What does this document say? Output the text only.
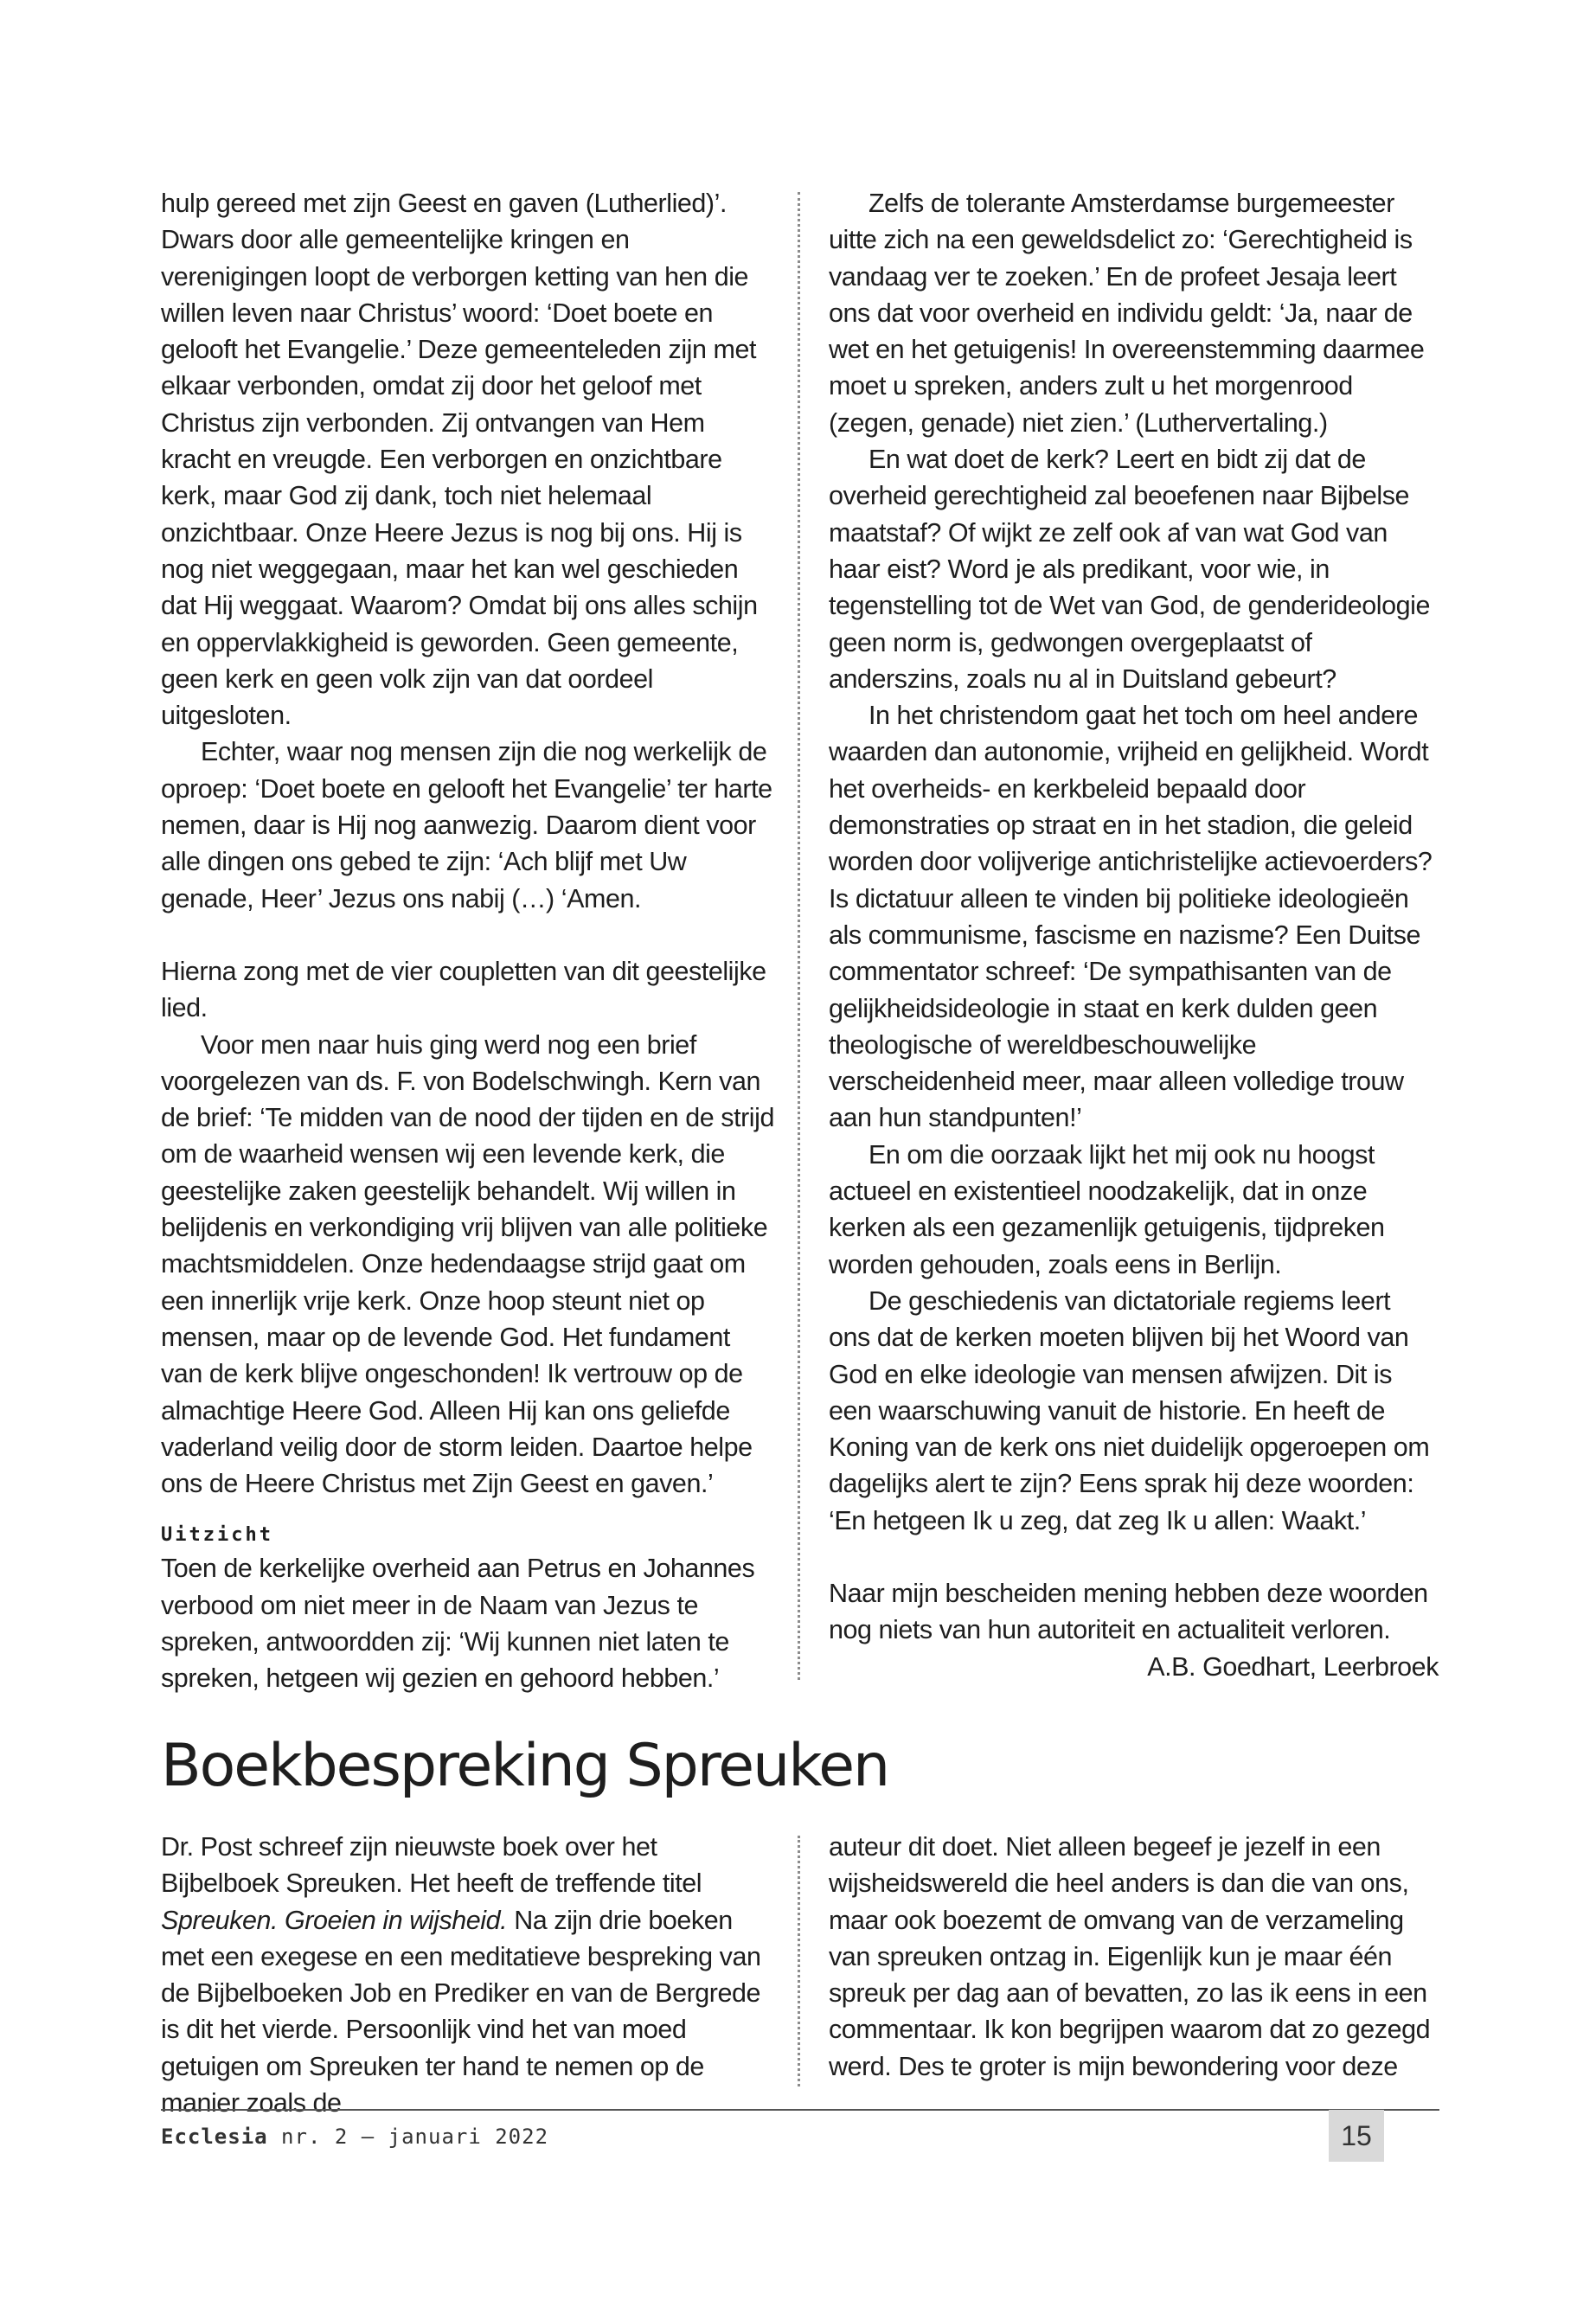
hulp gereed met zijn Geest en gaven (Lutherlied)’. Dwars door alle gemeentelijke kringen en verenigingen loopt de verborgen ketting van hen die willen leven naar Christus’ woord: ‘Doet boete en gelooft het Evangelie.’ Deze gemeenteleden zijn met elkaar verbonden, omdat zij door het geloof met Christus zijn verbonden. Zij ontvangen van Hem kracht en vreugde. Een verborgen en onzichtbare kerk, maar God zij dank, toch niet helemaal onzichtbaar. Onze Heere Jezus is nog bij ons. Hij is nog niet weggegaan, maar het kan wel geschieden dat Hij weggaat. Waarom? Omdat bij ons alles schijn en oppervlakkigheid is geworden. Geen gemeente, geen kerk en geen volk zijn van dat oordeel uitgesloten.

Echter, waar nog mensen zijn die nog werkelijk de oproep: ‘Doet boete en gelooft het Evangelie’ ter harte nemen, daar is Hij nog aanwezig. Daarom dient voor alle dingen ons gebed te zijn: ‘Ach blijf met Uw genade, Heer’ Jezus ons nabij (…) ‘Amen.

Hierna zong met de vier coupletten van dit geestelijke lied.

Voor men naar huis ging werd nog een brief voorgelezen van ds. F. von Bodelschwingh. Kern van de brief: ‘Te midden van de nood der tijden en de strijd om de waarheid wensen wij een levende kerk, die geestelijke zaken geestelijk behandelt. Wij willen in belijdenis en verkondiging vrij blijven van alle politieke machtsmiddelen. Onze hedendaagse strijd gaat om een innerlijk vrije kerk. Onze hoop steunt niet op mensen, maar op de levende God. Het fundament van de kerk blijve ongeschonden! Ik vertrouw op de almachtige Heere God. Alleen Hij kan ons geliefde vaderland veilig door de storm leiden. Daartoe helpe ons de Heere Christus met Zijn Geest en gaven.’

Uitzicht

Toen de kerkelijke overheid aan Petrus en Johannes verbood om niet meer in de Naam van Jezus te spreken, antwoordden zij: ‘Wij kunnen niet laten te spreken, hetgeen wij gezien en gehoord hebben.’

Zelfs de tolerante Amsterdamse burgemeester uitte zich na een geweldsdelict zo: ‘Gerechtigheid is vandaag ver te zoeken.’ En de profeet Jesaja leert ons dat voor overheid en individu geldt: ‘Ja, naar de wet en het getuigenis! In overeenstemming daarmee moet u spreken, anders zult u het morgenrood (zegen, genade) niet zien.’ (Luthervertaling.)

En wat doet de kerk? Leert en bidt zij dat de overheid gerechtigheid zal beoefenen naar Bijbelse maatstaf? Of wijkt ze zelf ook af van wat God van haar eist? Word je als predikant, voor wie, in tegenstelling tot de Wet van God, de genderideologie geen norm is, gedwongen overgeplaatst of anderszins, zoals nu al in Duitsland gebeurt?

In het christendom gaat het toch om heel andere waarden dan autonomie, vrijheid en gelijkheid. Wordt het overheids- en kerkbeleid bepaald door demonstraties op straat en in het stadion, die geleid worden door volijverige antichristelijke actievoerders? Is dictatuur alleen te vinden bij politieke ideologieën als communisme, fascisme en nazisme? Een Duitse commentator schreef: ‘De sympathisanten van de gelijkheidsideologie in staat en kerk dulden geen theologische of wereldbeschouwelijke verscheidenheid meer, maar alleen volledige trouw aan hun standpunten!’

En om die oorzaak lijkt het mij ook nu hoogst actueel en existentieel noodzakelijk, dat in onze kerken als een gezamenlijk getuigenis, tijdpreken worden gehouden, zoals eens in Berlijn.

De geschiedenis van dictatoriale regiems leert ons dat de kerken moeten blijven bij het Woord van God en elke ideologie van mensen afwijzen. Dit is een waarschuwing vanuit de historie. En heeft de Koning van de kerk ons niet duidelijk opgeroepen om dagelijks alert te zijn? Eens sprak hij deze woorden: ‘En hetgeen Ik u zeg, dat zeg Ik u allen: Waakt.’

Naar mijn bescheiden mening hebben deze woorden nog niets van hun autoriteit en actualiteit verloren.

A.B. Goedhart, Leerbroek

Boekbespreking Spreuken

Dr. Post schreef zijn nieuwste boek over het Bijbelboek Spreuken. Het heeft de treffende titel Spreuken. Groeien in wijsheid. Na zijn drie boeken met een exegese en een meditatieve bespreking van de Bijbelboeken Job en Prediker en van de Bergrede is dit het vierde. Persoonlijk vind het van moed getuigen om Spreuken ter hand te nemen op de manier zoals de

auteur dit doet. Niet alleen begeef je jezelf in een wijsheidswereld die heel anders is dan die van ons, maar ook boezemt de omvang van de verzameling van spreuken ontzag in. Eigenlijk kun je maar één spreuk per dag aan of bevatten, zo las ik eens in een commentaar. Ik kon begrijpen waarom dat zo gezegd werd. Des te groter is mijn bewondering voor deze

Ecclesia nr. 2 — januari 2022	15
